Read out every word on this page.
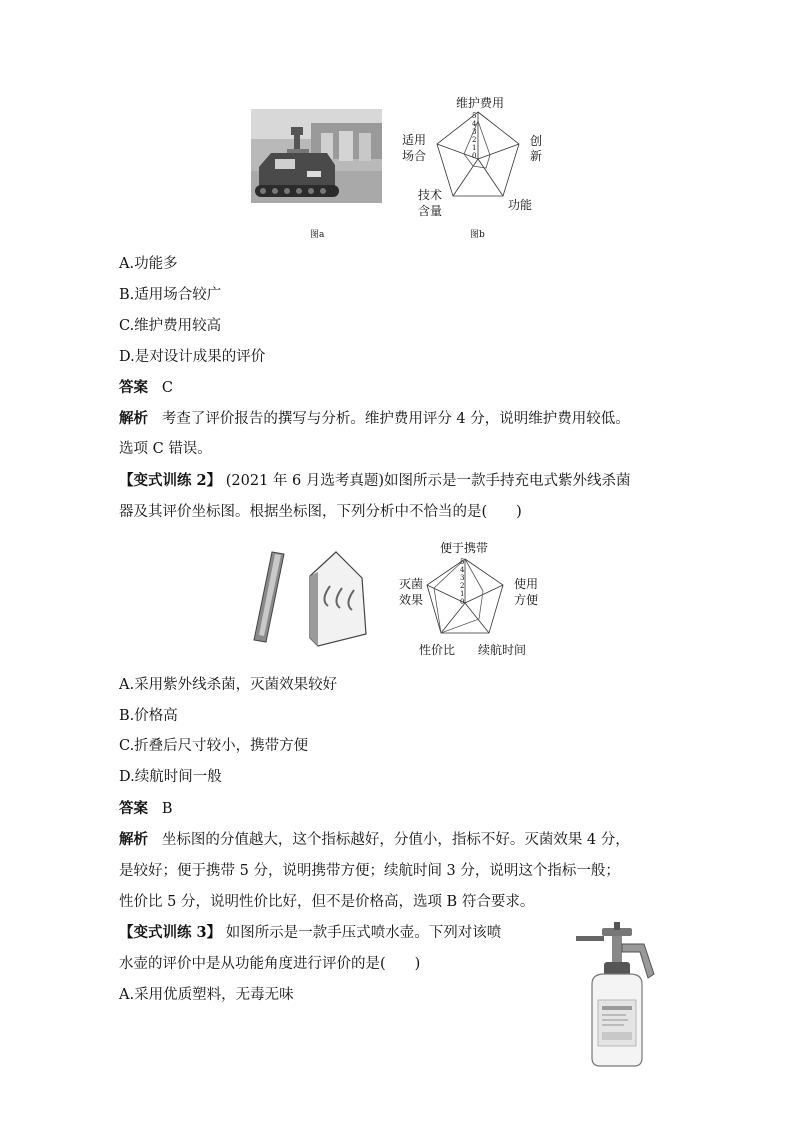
图a
维护费用
创
新
适用
场合
技术
含量	功能
5
4
3
2
1
0
图b
A.功能多
B.适用场合较广
C.维护费用较高
D.是对设计成果的评价
答案 C
解析 考查了评价报告的撰写与分析。维护费用评分 4 分，说明维护费用较低。
选项 C 错误。
【变式训练 2】 (2021 年 6 月选考真题)如图所示是一款手持充电式紫外线杀菌
器及其评价坐标图。根据坐标图，下列分析中不恰当的是(　　)
便于携带
使用
方便
灭菌
效果
性价比 续航时间
5
4
3
2
1
0
A.采用紫外线杀菌，灭菌效果较好
B.价格高
C.折叠后尺寸较小，携带方便
D.续航时间一般
答案 B
解析 坐标图的分值越大，这个指标越好，分值小，指标不好。灭菌效果 4 分，
是较好；便于携带 5 分，说明携带方便；续航时间 3 分，说明这个指标一般；
性价比 5 分，说明性价比好，但不是价格高，选项 B 符合要求。
【变式训练 3】 如图所示是一款手压式喷水壶。下列对该喷
水壶的评价中是从功能角度进行评价的是(　　)
A.采用优质塑料，无毒无味
